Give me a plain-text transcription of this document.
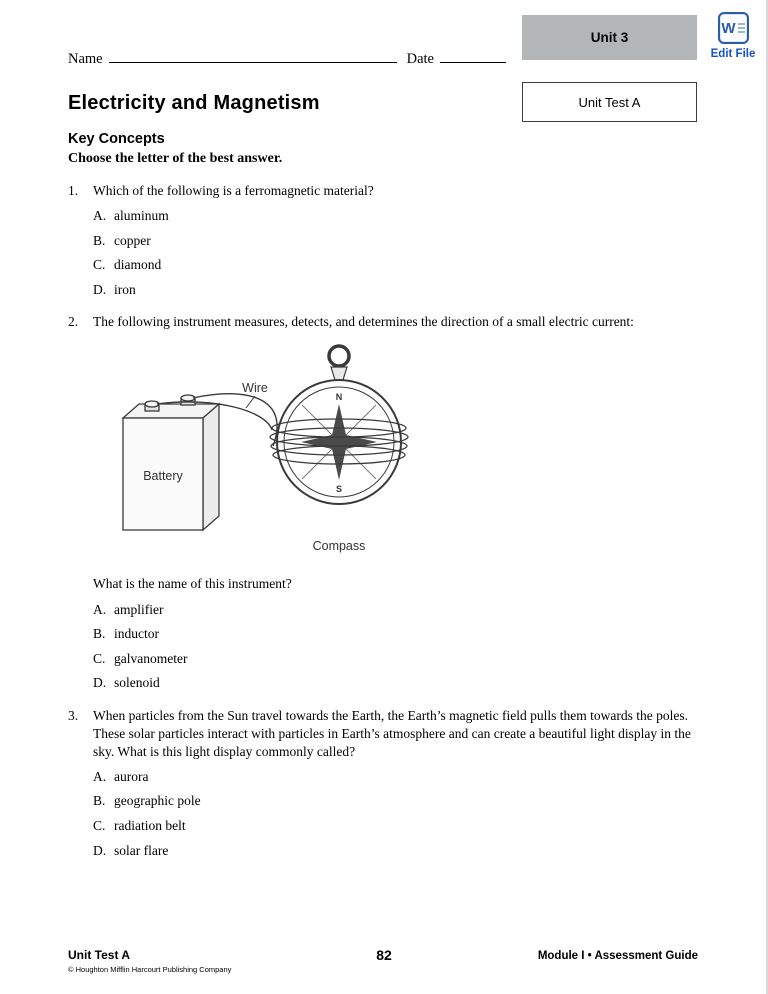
Name	Date
Unit 3
Unit Test A
W
Edit File
Electricity and Magnetism
Key Concepts
Choose the letter of the best answer.
1.	Which of the following is a ferromagnetic material?
A. aluminum
B. copper
C. diamond
D. iron
2.	The following instrument measures, detects, and determines the direction of a small electric current:
N
S
Wire
Battery
Compass
What is the name of this instrument?
A. amplifier
B. inductor
C. galvanometer
D. solenoid
3.	When particles from the Sun travel towards the Earth, the Earth’s magnetic field pulls them towards the poles. These solar particles interact with particles in Earth’s atmosphere and can create a beautiful light display in the sky. What is this light display commonly called?
A. aurora
B. geographic pole
C. radiation belt
D. solar flare
Unit Test A
© Houghton Mifflin Harcourt Publishing Company
82	Module I • Assessment Guide
